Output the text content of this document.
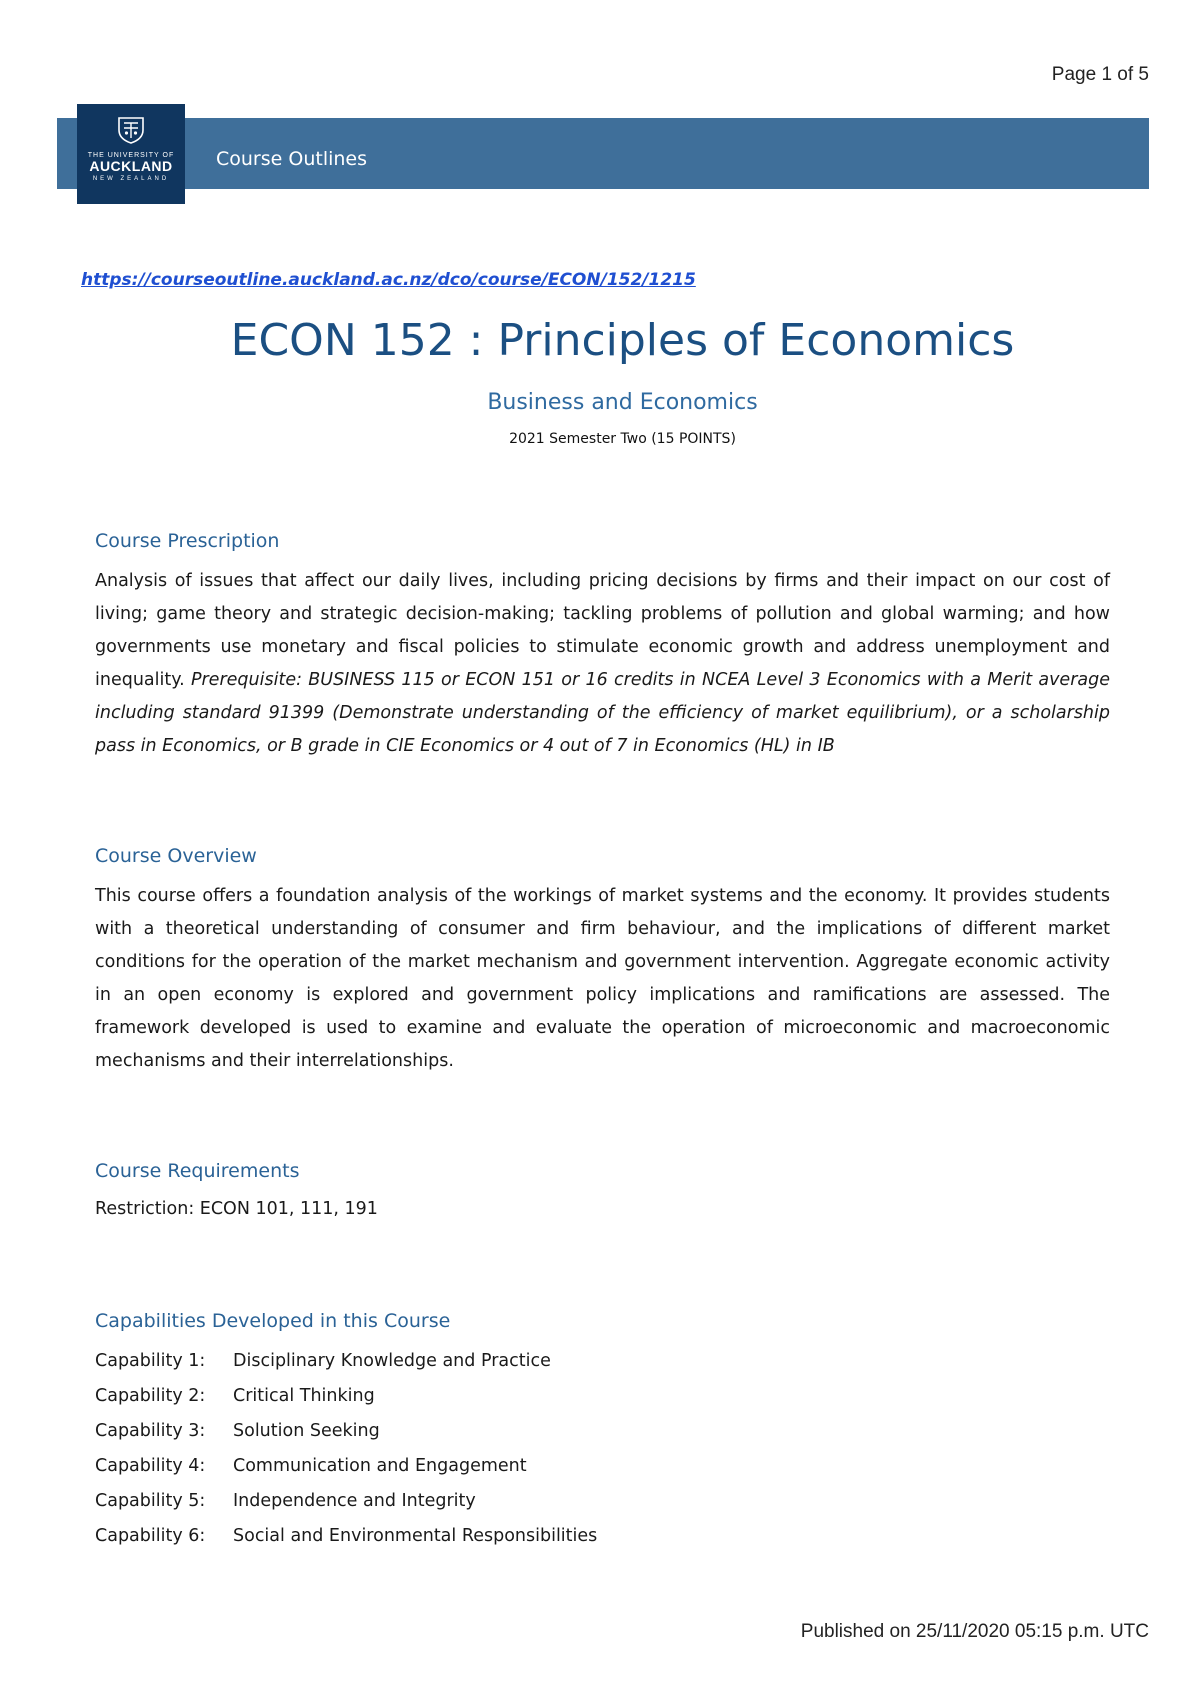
Page 1 of 5
THE UNIVERSITY OF
AUCKLAND
NEW ZEALAND
Course Outlines
https://courseoutline.auckland.ac.nz/dco/course/ECON/152/1215
ECON 152 : Principles of Economics
Business and Economics
2021 Semester Two (15 POINTS)
Course Prescription

Analysis of issues that affect our daily lives, including pricing decisions by firms and their impact on our cost of living; game theory and strategic decision-making; tackling problems of pollution and global warming; and how governments use monetary and fiscal policies to stimulate economic growth and address unemployment and inequality. Prerequisite: BUSINESS 115 or ECON 151 or 16 credits in NCEA Level 3 Economics with a Merit average including standard 91399 (Demonstrate understanding of the efficiency of market equilibrium), or a scholarship pass in Economics, or B grade in CIE Economics or 4 out of 7 in Economics (HL) in IB

Course Overview

This course offers a foundation analysis of the workings of market systems and the economy. It provides students with a theoretical understanding of consumer and firm behaviour, and the implications of different market conditions for the operation of the market mechanism and government intervention. Aggregate economic activity in an open economy is explored and government policy implications and ramifications are assessed. The framework developed is used to examine and evaluate the operation of microeconomic and macroeconomic mechanisms and their interrelationships.

Course Requirements
Restriction: ECON 101, 111, 191
Capabilities Developed in this Course
Capability 1: Disciplinary Knowledge and Practice
Capability 2: Critical Thinking
Capability 3: Solution Seeking
Capability 4: Communication and Engagement
Capability 5: Independence and Integrity
Capability 6: Social and Environmental Responsibilities
Published on 25/11/2020 05:15 p.m. UTC
